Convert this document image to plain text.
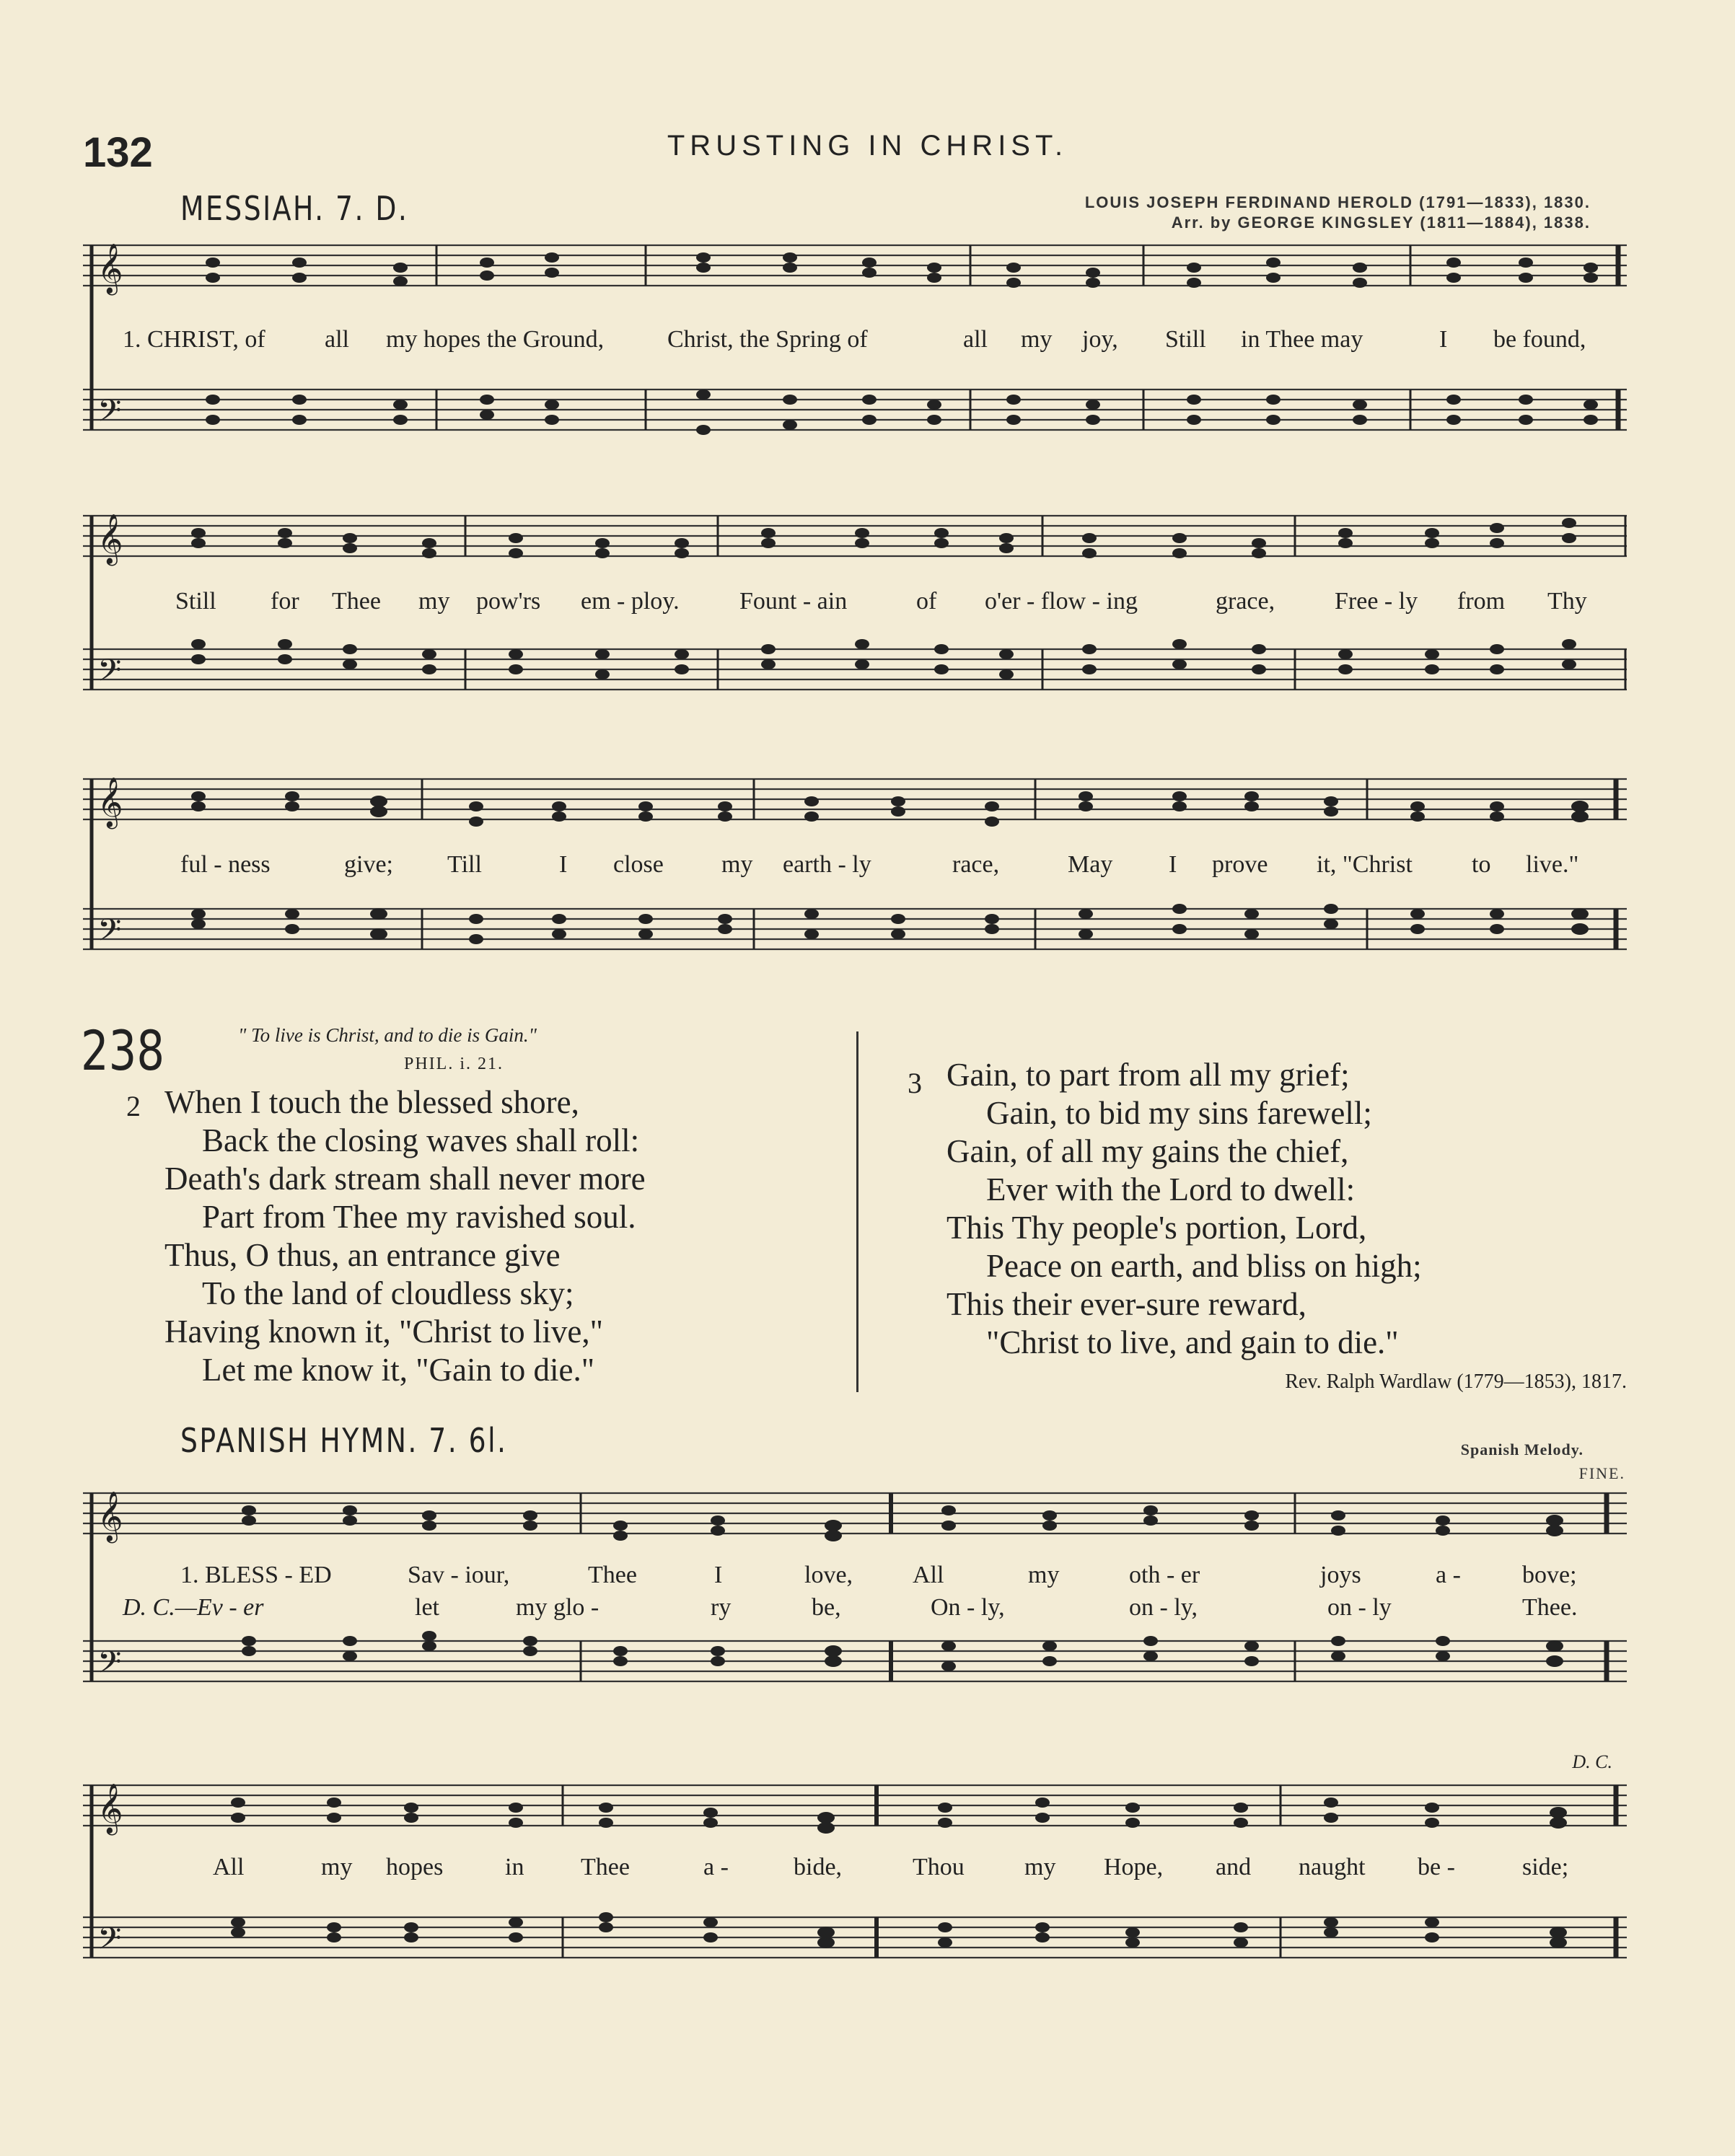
132	TRUSTING IN CHRIST.
MESSIAH. 7. D.	LOUIS JOSEPH FERDINAND HEROLD (1791—1833), 1830.
Arr. by GEORGE KINGSLEY (1811—1884), 1838.
𝄞
𝄢
1. CHRIST, of all my hopes the Ground,	Christ, the Spring of	all my joy, Still in Thee may	I be found,
𝄞
𝄢
Still for Thee my pow'rs em - ploy. Fount - ain	of o'er - flow - ing	grace, Free - ly from Thy
𝄞
𝄢
ful - ness	give; Till	I close my earth - ly	race,	May I prove it, "Christ to live."
238	" To live is Christ, and to die is Gain."
PHIL. i. 21.
2 When I touch the blessed shore,
Back the closing waves shall roll:
Death's dark stream shall never more
Part from Thee my ravished soul.
Thus, O thus, an entrance give
To the land of cloudless sky;
Having known it, "Christ to live,"
Let me know it, "Gain to die."
3 Gain, to part from all my grief;
Gain, to bid my sins farewell;
Gain, of all my gains the chief,
Ever with the Lord to dwell:
This Thy people's portion, Lord,
Peace on earth, and bliss on high;
This their ever-sure reward,
"Christ to live, and gain to die."
Rev. Ralph Wardlaw (1779—1853), 1817.
SPANISH HYMN. 7. 6l.	Spanish Melody.
FINE.
𝄞
𝄢
1. BLESS - ED	Sav - iour,	Thee	I	love, All	my	oth - er	joys	a -	bove;
D. C.—Ev - er	let	my glo -	ry	be,	On - ly,	on - ly,	on - ly	Thee.
D. C.
𝄞
𝄢
All	my hopes	in Thee	a -	bide,	Thou my Hope, and naught be -	side;
